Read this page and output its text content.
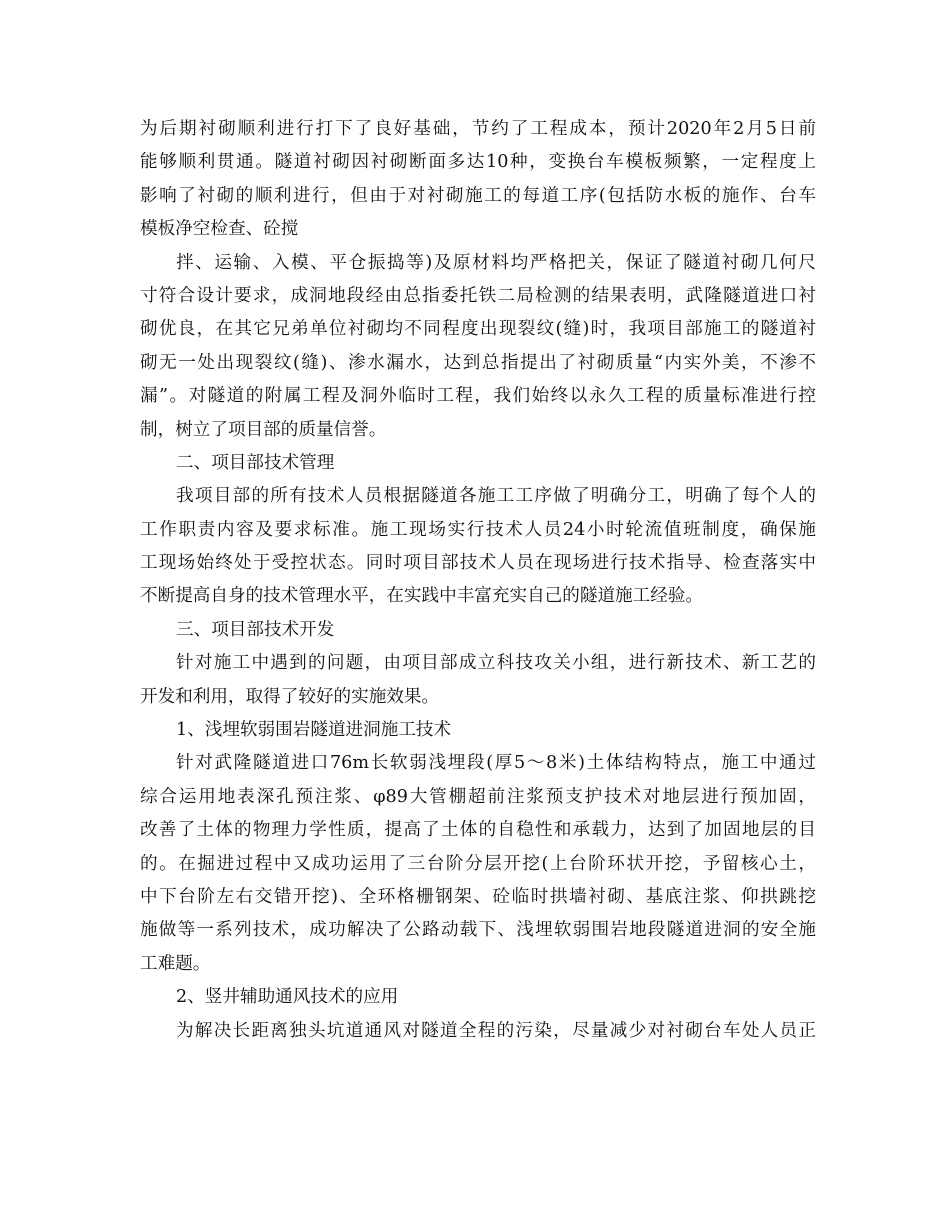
为后期衬砌顺利进行打下了良好基础，节约了工程成本，预计2020年2月5日前
能够顺利贯通。隧道衬砌因衬砌断面多达10种，变换台车模板频繁，一定程度上
影响了衬砌的顺利进行，但由于对衬砌施工的每道工序(包括防水板的施作、台车
模板净空检查、砼搅
拌、运输、入模、平仓振捣等)及原材料均严格把关，保证了隧道衬砌几何尺
寸符合设计要求，成洞地段经由总指委托铁二局检测的结果表明，武隆隧道进口衬
砌优良，在其它兄弟单位衬砌均不同程度出现裂纹(缝)时，我项目部施工的隧道衬
砌无一处出现裂纹(缝)、渗水漏水，达到总指提出了衬砌质量“内实外美，不渗不
漏”。对隧道的附属工程及洞外临时工程，我们始终以永久工程的质量标准进行控
制，树立了项目部的质量信誉。
二、项目部技术管理
我项目部的所有技术人员根据隧道各施工工序做了明确分工，明确了每个人的
工作职责内容及要求标准。施工现场实行技术人员24小时轮流值班制度，确保施
工现场始终处于受控状态。同时项目部技术人员在现场进行技术指导、检查落实中
不断提高自身的技术管理水平，在实践中丰富充实自己的隧道施工经验。
三、项目部技术开发
针对施工中遇到的问题，由项目部成立科技攻关小组，进行新技术、新工艺的
开发和利用，取得了较好的实施效果。
1、浅埋软弱围岩隧道进洞施工技术
针对武隆隧道进口76m长软弱浅埋段(厚5～8米)土体结构特点，施工中通过
综合运用地表深孔预注浆、φ89大管棚超前注浆预支护技术对地层进行预加固，
改善了土体的物理力学性质，提高了土体的自稳性和承载力，达到了加固地层的目
的。在掘进过程中又成功运用了三台阶分层开挖(上台阶环状开挖，予留核心土，
中下台阶左右交错开挖)、全环格栅钢架、砼临时拱墙衬砌、基底注浆、仰拱跳挖
施做等一系列技术，成功解决了公路动载下、浅埋软弱围岩地段隧道进洞的安全施
工难题。
2、竖井辅助通风技术的应用
为解决长距离独头坑道通风对隧道全程的污染，尽量减少对衬砌台车处人员正
